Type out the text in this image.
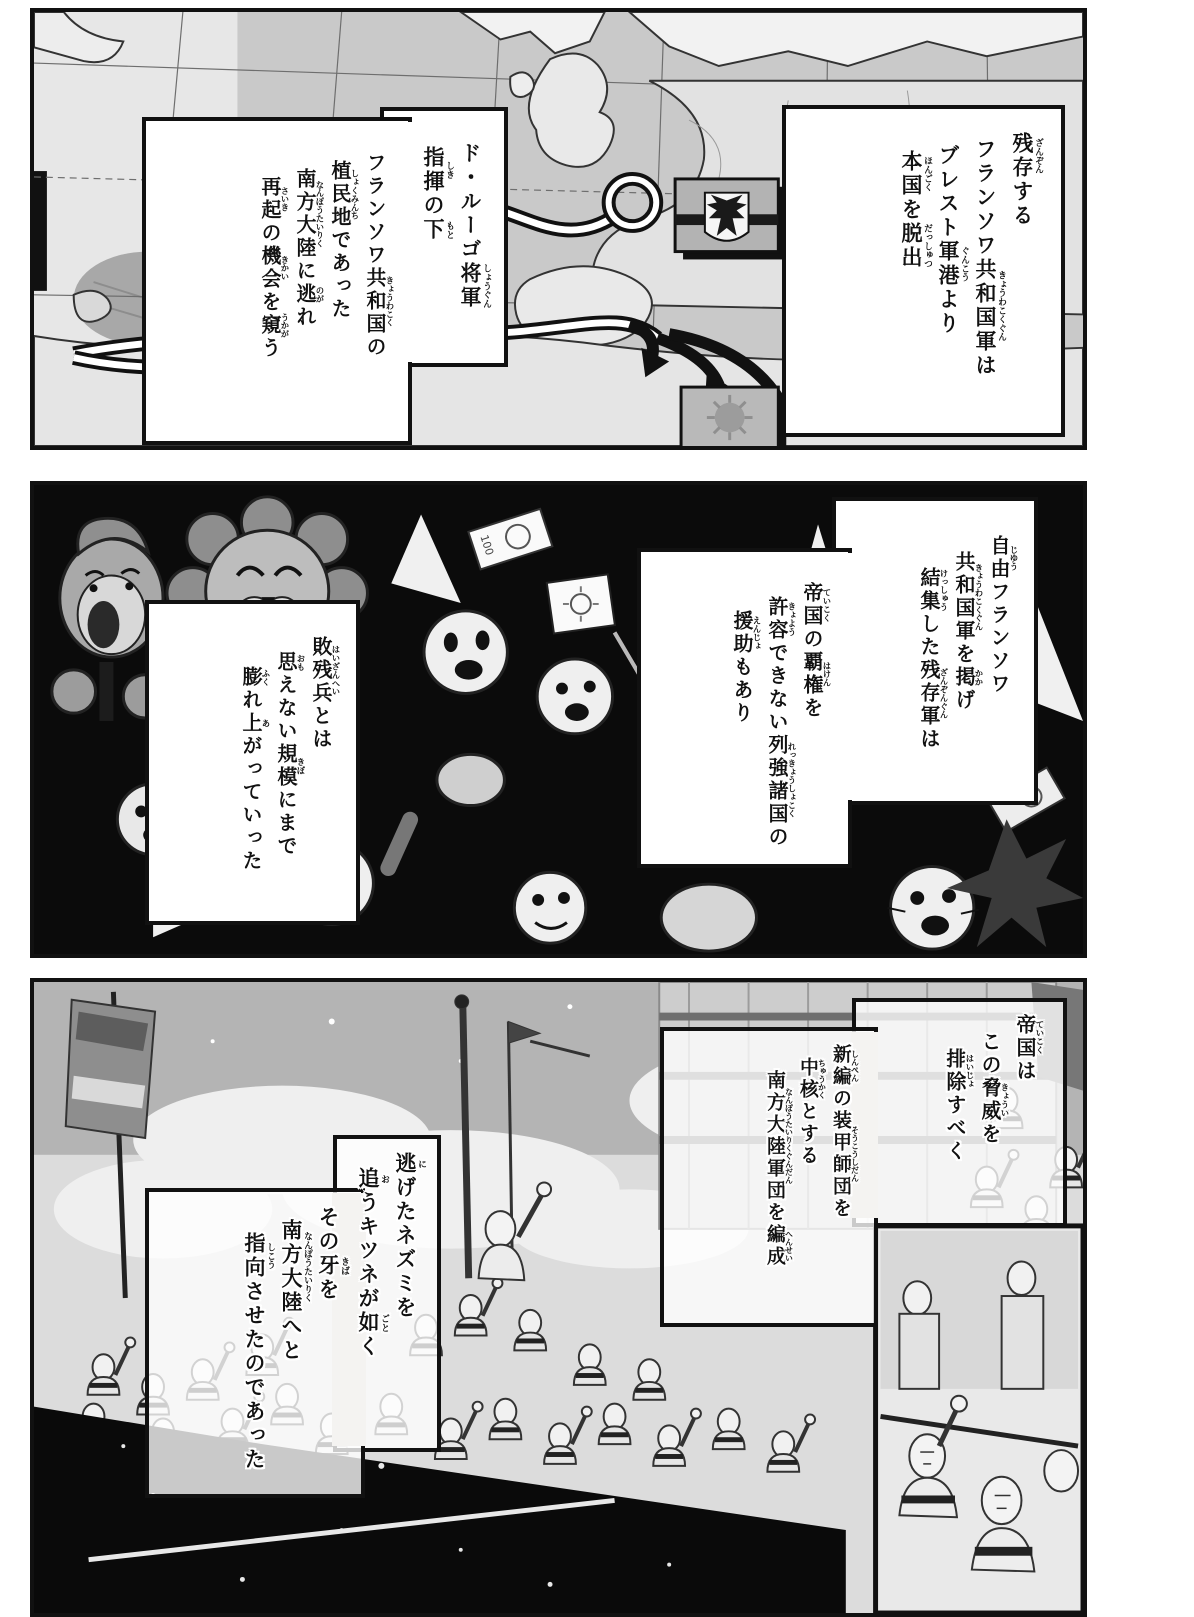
100
残存 ざんぞんする
フランソワ共和国軍 きょうわこくぐんは
ブレスト軍港 ぐんこうより
本国 ほんごくを脱出 だっしゅつ
ド・ルーゴ将軍 しょうぐん
指揮 しきの下 もと
フランソワ共和国きょうわこくの
植民地しょくみんちであった
南方大陸なんぽうたいりくに逃のがれ
再起さいきの機会きかいを窺うかがう
自由じゆうフランソワ
共和国軍きょうわこくぐんを掲かかげ
結集けっしゅうした残存軍ざんぞんぐんは
帝国ていこくの覇権はけんを
許容きょようできない列強諸国れっきょうしょこくの
援助えんじょもあり
敗残兵はいざんへいとは
思おもえない規模きぼにまで
膨ふくれ上あがっていった
帝国ていこくは
この脅威きょういを
排除はいじょすべく
新編しんぺんの装甲師団そうこうしだんを
中核ちゅうかくとする
南方大陸軍団なんぽうたいりくぐんだんを編成へんせい
逃 にげたネズミを
追 おうキツネが如 ごとく
その牙 きばを
南方大陸 なんぽうたいりくへと
指向 しこうさせたのであった
